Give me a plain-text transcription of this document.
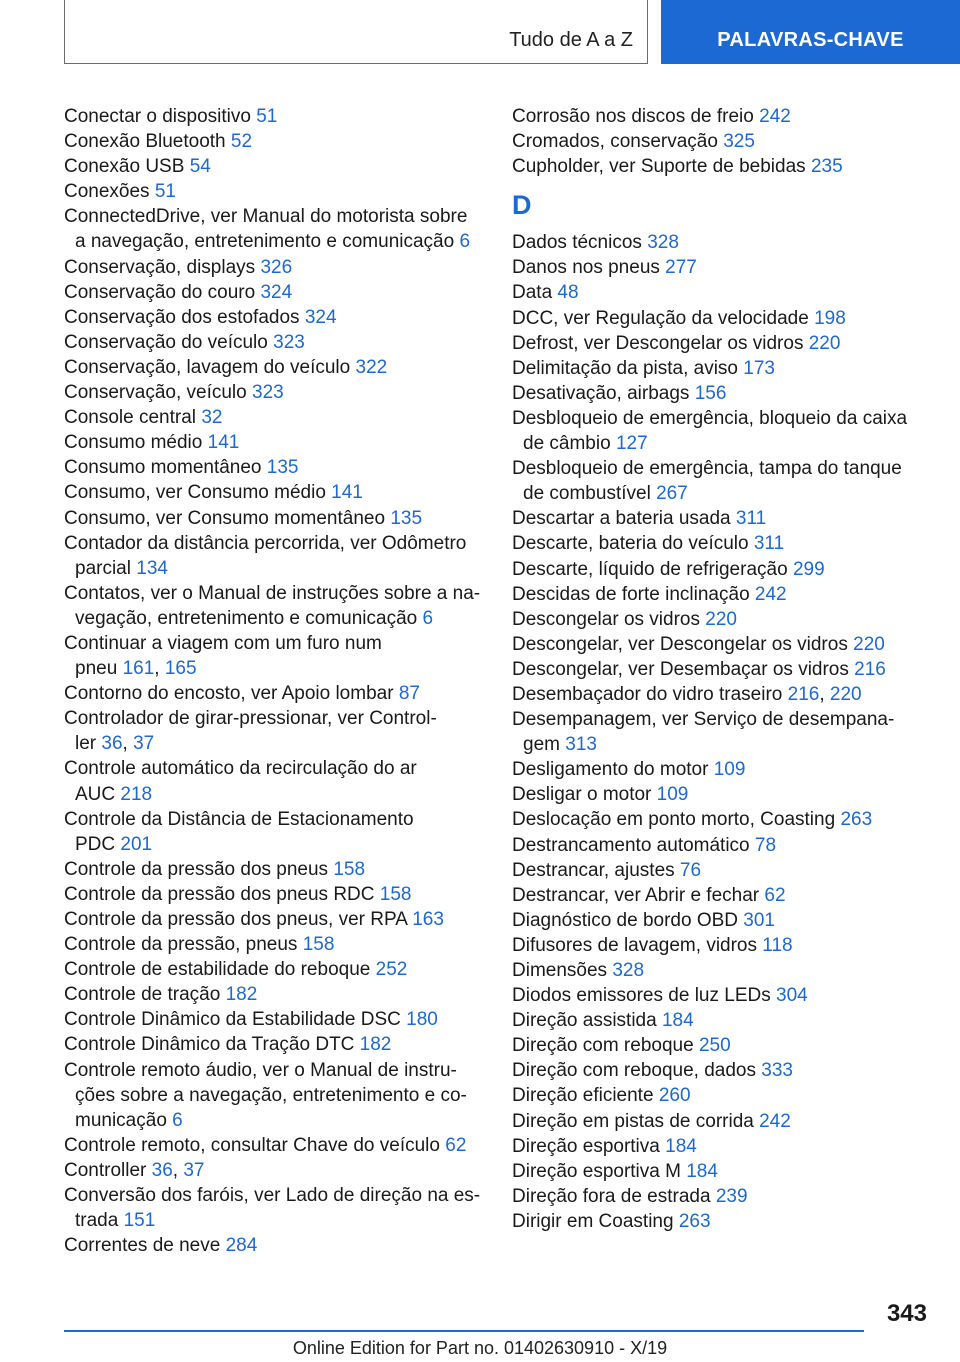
Tudo de A a Z	PALAVRAS-CHAVE
Conectar o dispositivo 51
Conexão Bluetooth 52
Conexão USB 54
Conexões 51
ConnectedDrive, ver Manual do motorista sobre
a navegação, entretenimento e comunicação 6
Conservação, displays 326
Conservação do couro 324
Conservação dos estofados 324
Conservação do veículo 323
Conservação, lavagem do veículo 322
Conservação, veículo 323
Console central 32
Consumo médio 141
Consumo momentâneo 135
Consumo, ver Consumo médio 141
Consumo, ver Consumo momentâneo 135
Contador da distância percorrida, ver Odômetro
parcial 134
Contatos, ver o Manual de instruções sobre a na-
vegação, entretenimento e comunicação 6
Continuar a viagem com um furo num
pneu 161, 165
Contorno do encosto, ver Apoio lombar 87
Controlador de girar-pressionar, ver Control-
ler 36, 37
Controle automático da recirculação do ar
AUC 218
Controle da Distância de Estacionamento
PDC 201
Controle da pressão dos pneus 158
Controle da pressão dos pneus RDC 158
Controle da pressão dos pneus, ver RPA 163
Controle da pressão, pneus 158
Controle de estabilidade do reboque 252
Controle de tração 182
Controle Dinâmico da Estabilidade DSC 180
Controle Dinâmico da Tração DTC 182
Controle remoto áudio, ver o Manual de instru-
ções sobre a navegação, entretenimento e co-
municação 6
Controle remoto, consultar Chave do veículo 62
Controller 36, 37
Conversão dos faróis, ver Lado de direção na es-
trada 151
Correntes de neve 284
Corrosão nos discos de freio 242
Cromados, conservação 325
Cupholder, ver Suporte de bebidas 235
D
Dados técnicos 328
Danos nos pneus 277
Data 48
DCC, ver Regulação da velocidade 198
Defrost, ver Descongelar os vidros 220
Delimitação da pista, aviso 173
Desativação, airbags 156
Desbloqueio de emergência, bloqueio da caixa
de câmbio 127
Desbloqueio de emergência, tampa do tanque
de combustível 267
Descartar a bateria usada 311
Descarte, bateria do veículo 311
Descarte, líquido de refrigeração 299
Descidas de forte inclinação 242
Descongelar os vidros 220
Descongelar, ver Descongelar os vidros 220
Descongelar, ver Desembaçar os vidros 216
Desembaçador do vidro traseiro 216, 220
Desempanagem, ver Serviço de desempana-
gem 313
Desligamento do motor 109
Desligar o motor 109
Deslocação em ponto morto, Coasting 263
Destrancamento automático 78
Destrancar, ajustes 76
Destrancar, ver Abrir e fechar 62
Diagnóstico de bordo OBD 301
Difusores de lavagem, vidros 118
Dimensões 328
Diodos emissores de luz LEDs 304
Direção assistida 184
Direção com reboque 250
Direção com reboque, dados 333
Direção eficiente 260
Direção em pistas de corrida 242
Direção esportiva 184
Direção esportiva M 184
Direção fora de estrada 239
Dirigir em Coasting 263
343
Online Edition for Part no. 01402630910 - X/19
